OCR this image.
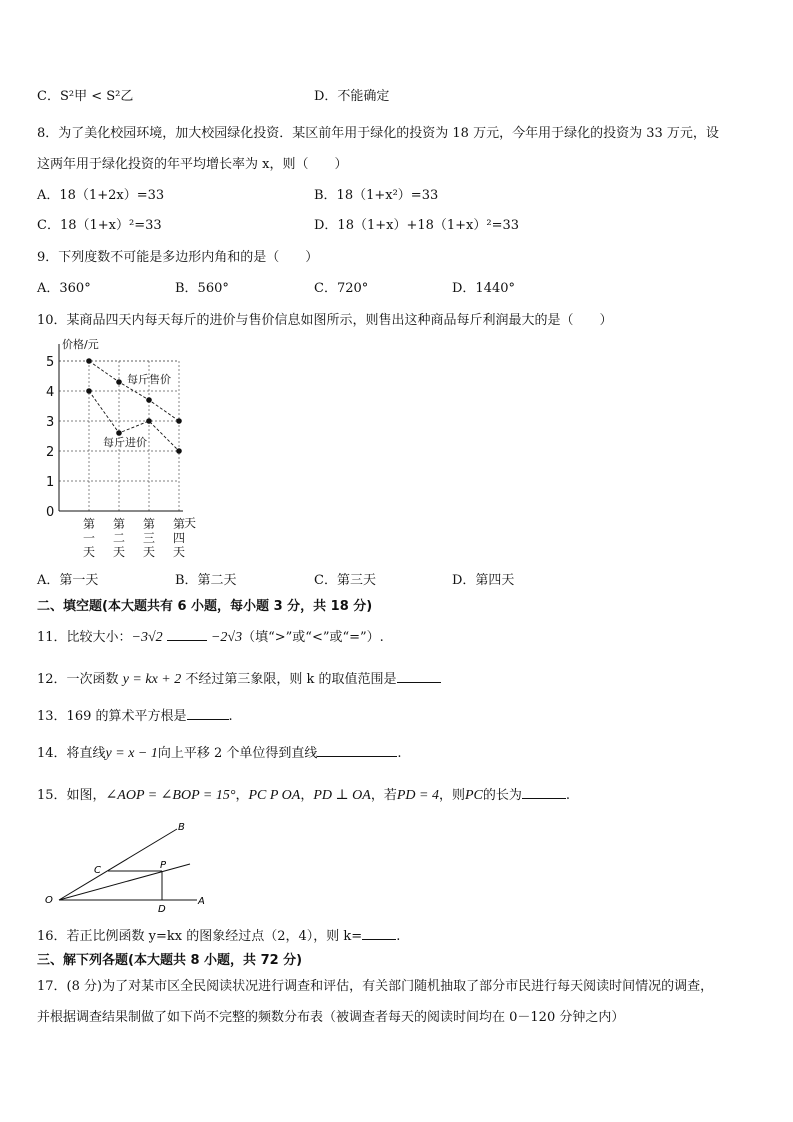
C．S²甲 < S²乙	D．不能确定
8．为了美化校园环境，加大校园绿化投资．某区前年用于绿化的投资为 18 万元，今年用于绿化的投资为 33 万元，设
这两年用于绿化投资的年平均增长率为 x，则（　　）
A．18（1+2x）=33	B．18（1+x²）=33
C．18（1+x）²=33	D．18（1+x）+18（1+x）²=33
9．下列度数不可能是多边形内角和的是（　　）
A．360°	B．560°	C．720°	D．1440°
10．某商品四天内每天每斤的进价与售价信息如图所示，则售出这种商品每斤利润最大的是（　　）
0
1
2
3
4
5
价格/元
第
一
天
第
二
天
第
三
天
第
四
天
天
每斤售价
每斤进价
A．第一天	B．第二天	C．第三天	D．第四天
二、填空题(本大题共有 6 小题，每小题 3 分，共 18 分)
11．比较大小：−3√2	−2√3（填“>”或“<”或“=”）.
12．一次函数 y = kx + 2 不经过第三象限，则 k 的取值范围是
13．169 的算术平方根是	.
14．将直线y = x − 1向上平移 2 个单位得到直线	.
15．如图，∠AOP = ∠BOP = 15°，PC P OA，PD ⊥ OA，若PD = 4，则PC的长为	.
B
P
C
O
D
A
16．若正比例函数 y=kx 的图象经过点（2，4），则 k=	.
三、解下列各题(本大题共 8 小题，共 72 分)
17．(8 分)为了对某市区全民阅读状况进行调查和评估，有关部门随机抽取了部分市民进行每天阅读时间情况的调查，
并根据调查结果制做了如下尚不完整的频数分布表（被调查者每天的阅读时间均在 0－120 分钟之内）
